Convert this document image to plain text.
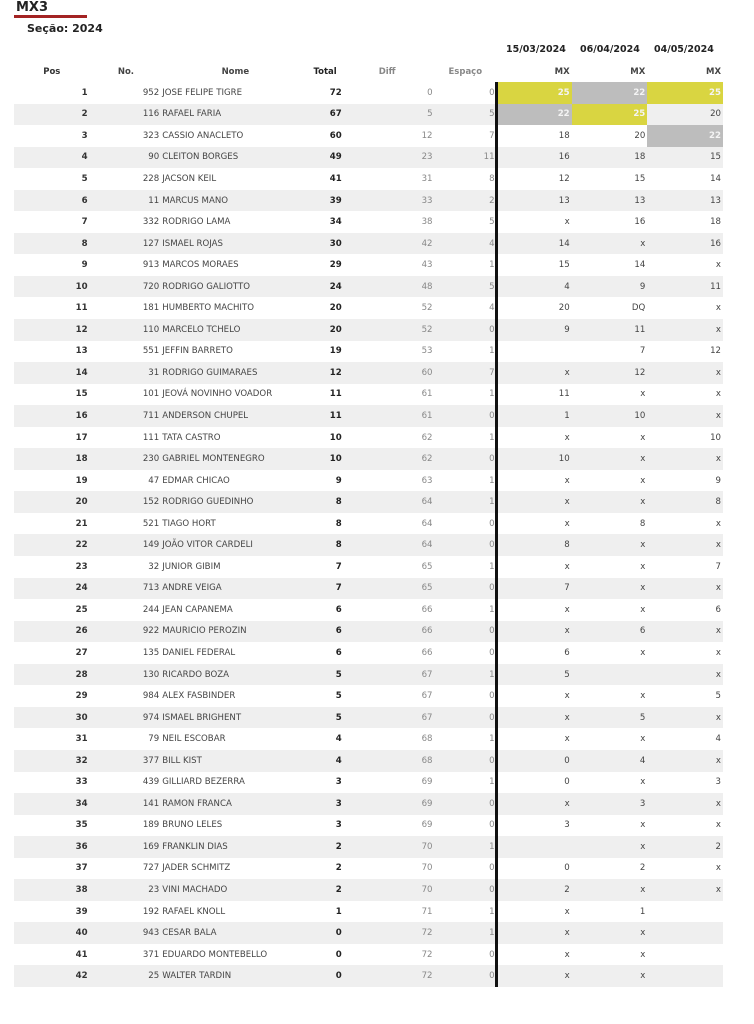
MX3
Seção: 2024
15/03/2024 06/04/2024 04/05/2024
Pos	No.	Nome	Total	Diff	Espaço	MX	MX	MX
1	952	JOSE FELIPE TIGRE	72	0	0	25	22	25
2	116	RAFAEL FARIA	67	5	5	22	25	20
3	323	CASSIO ANACLETO	60	12	7	18	20	22
4	90	CLEITON BORGES	49	23	11	16	18	15
5	228	JACSON KEIL	41	31	8	12	15	14
6	11	MARCUS MANO	39	33	2	13	13	13
7	332	RODRIGO LAMA	34	38	5	x	16	18
8	127	ISMAEL ROJAS	30	42	4	14	x	16
9	913	MARCOS MORAES	29	43	1	15	14	x
10	720	RODRIGO GALIOTTO	24	48	5	4	9	11
11	181	HUMBERTO MACHITO	20	52	4	20	DQ	x
12	110	MARCELO TCHELO	20	52	0	9	11	x
13	551	JEFFIN BARRETO	19	53	1		7	12
14	31	RODRIGO GUIMARAES	12	60	7	x	12	x
15	101	JEOVÁ NOVINHO VOADOR	11	61	1	11	x	x
16	711	ANDERSON CHUPEL	11	61	0	1	10	x
17	111	TATA CASTRO	10	62	1	x	x	10
18	230	GABRIEL MONTENEGRO	10	62	0	10	x	x
19	47	EDMAR CHICAO	9	63	1	x	x	9
20	152	RODRIGO GUEDINHO	8	64	1	x	x	8
21	521	TIAGO HORT	8	64	0	x	8	x
22	149	JOÃO VITOR CARDELI	8	64	0	8	x	x
23	32	JUNIOR GIBIM	7	65	1	x	x	7
24	713	ANDRE VEIGA	7	65	0	7	x	x
25	244	JEAN CAPANEMA	6	66	1	x	x	6
26	922	MAURICIO PEROZIN	6	66	0	x	6	x
27	135	DANIEL FEDERAL	6	66	0	6	x	x
28	130	RICARDO BOZA	5	67	1	5		x
29	984	ALEX FASBINDER	5	67	0	x	x	5
30	974	ISMAEL BRIGHENT	5	67	0	x	5	x
31	79	NEIL ESCOBAR	4	68	1	x	x	4
32	377	BILL KIST	4	68	0	0	4	x
33	439	GILLIARD BEZERRA	3	69	1	0	x	3
34	141	RAMON FRANCA	3	69	0	x	3	x
35	189	BRUNO LELES	3	69	0	3	x	x
36	169	FRANKLIN DIAS	2	70	1		x	2
37	727	JADER SCHMITZ	2	70	0	0	2	x
38	23	VINI MACHADO	2	70	0	2	x	x
39	192	RAFAEL KNOLL	1	71	1	x	1	
40	943	CESAR BALA	0	72	1	x	x	
41	371	EDUARDO MONTEBELLO	0	72	0	x	x	
42	25	WALTER TARDIN	0	72	0	x	x	
